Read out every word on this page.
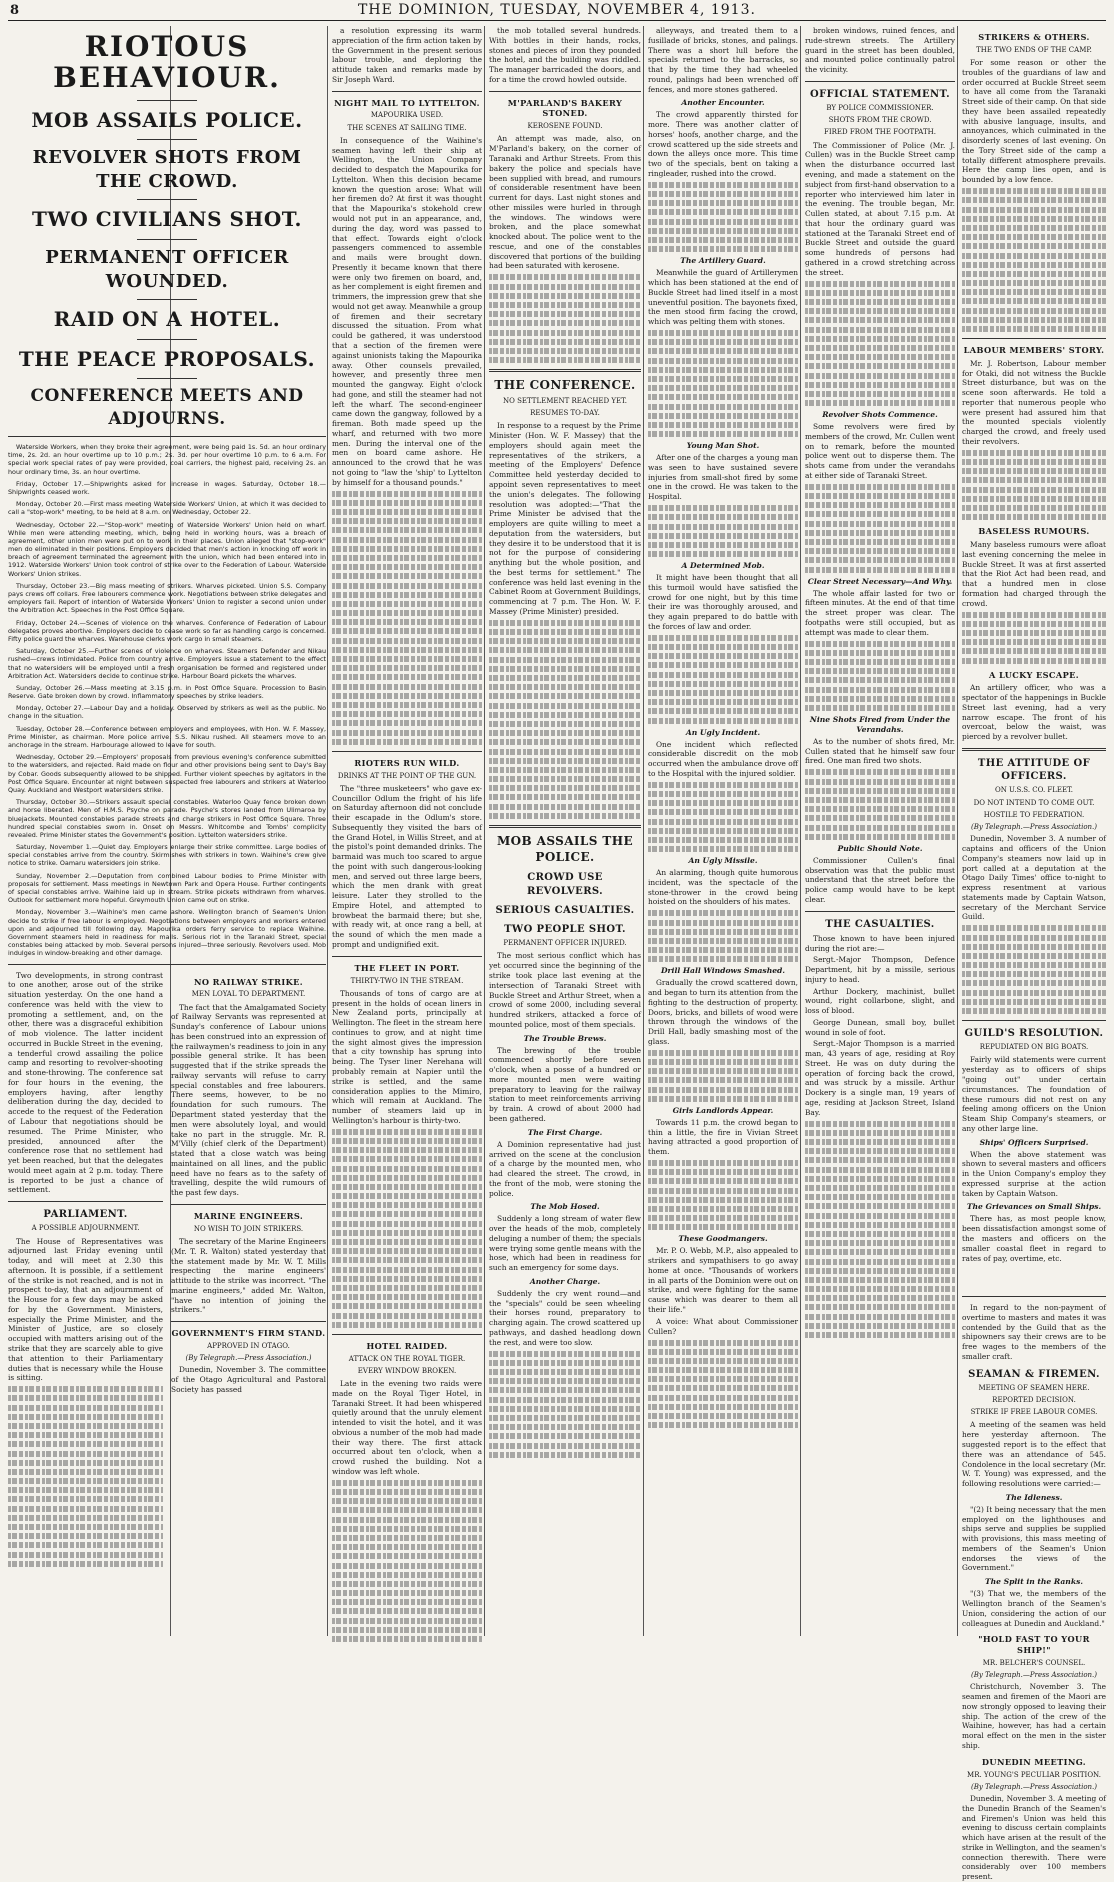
8	THE DOMINION, TUESDAY, NOVEMBER 4, 1913.
RIOTOUS BEHAVIOUR.
MOB ASSAILS POLICE.
REVOLVER SHOTS FROM THE CROWD.
TWO CIVILIANS SHOT.
PERMANENT OFFICER WOUNDED.
RAID ON A HOTEL.
THE PEACE PROPOSALS.
CONFERENCE MEETS AND ADJOURNS.

Waterside Workers, when they broke their agreement, were being paid 1s. 5d. an hour ordinary time, 2s. 2d. an hour overtime up to 10 p.m.; 2s. 3d. per hour overtime 10 p.m. to 6 a.m. For special work special rates of pay were provided, coal carriers, the highest paid, receiving 2s. an hour ordinary time, 3s. an hour overtime.

Friday, October 17.—Shipwrights asked for increase in wages. Saturday, October 18.—Shipwrights ceased work.

Monday, October 20.—First mass meeting Waterside Workers' Union, at which it was decided to call a "stop-work" meeting, to be held at 8 a.m. on Wednesday, October 22.

Wednesday, October 22.—"Stop-work" meeting of Waterside Workers' Union held on wharf. While men were attending meeting, which, being held in working hours, was a breach of agreement, other union men were put on to work in their places. Union alleged that "stop-work" men do eliminated in their positions. Employers decided that men's action in knocking off work in breach of agreement terminated the agreement with the union, which had been entered into in 1912. Waterside Workers' Union took control of strike over to the Federation of Labour. Waterside Workers' Union strikes.

Thursday, October 23.—Big mass meeting of strikers. Wharves picketed. Union S.S. Company pays crews off collars. Free labourers commence work. Negotiations between strike delegates and employers fail. Report of intention of Waterside Workers' Union to register a second union under the Arbitration Act. Speeches in the Post Office Square.

Friday, October 24.—Scenes of violence on the wharves. Conference of Federation of Labour delegates proves abortive. Employers decide to cease work so far as handling cargo is concerned. Fifty police guard the wharves. Warehouse clerks work cargo in small steamers.

Saturday, October 25.—Further scenes of violence on wharves. Steamers Defender and Nikau rushed—crews intimidated. Police from country arrive. Employers issue a statement to the effect that no watersiders will be employed until a fresh organisation be formed and registered under Arbitration Act. Watersiders decide to continue strike. Harbour Board pickets the wharves.

Sunday, October 26.—Mass meeting at 3.15 p.m. in Post Office Square. Procession to Basin Reserve. Gate broken down by crowd. Inflammatory speeches by strike leaders.

Monday, October 27.—Labour Day and a holiday. Observed by strikers as well as the public. No change in the situation.

Tuesday, October 28.—Conference between employers and employees, with Hon. W. F. Massey, Prime Minister, as chairman. More police arrive. S.S. Nikau rushed. All steamers move to an anchorage in the stream. Harbourage allowed to leave for south.

Wednesday, October 29.—Employers' proposals from previous evening's conference submitted to the watersiders, and rejected. Raid made on flour and other provisions being sent to Day's Bay by Cobar. Goods subsequently allowed to be shipped. Further violent speeches by agitators in the Post Office Square. Encounter at night between suspected free labourers and strikers at Waterloo Quay. Auckland and Westport watersiders strike.

Thursday, October 30.—Strikers assault special constables. Waterloo Quay fence broken down and horse liberated. Men of H.M.S. Psyche on parade. Psyche's stores landed from Ulimaroa by bluejackets. Mounted constables parade streets and charge strikers in Post Office Square. Three hundred special constables sworn in. Onset on Messrs. Whitcombe and Tombs' complicity revealed. Prime Minister states the Government's position. Lyttelton watersiders strike.

Saturday, November 1.—Quiet day. Employers enlarge their strike committee. Large bodies of special constables arrive from the country. Skirmishes with strikers in town. Waihine's crew give notice to strike. Oamaru watersiders join strike.

Sunday, November 2.—Deputation from combined Labour bodies to Prime Minister with proposals for settlement. Mass meetings in Newtown Park and Opera House. Further contingents of special constables arrive. Waihine laid up in stream. Strike pickets withdrawn from wharves. Outlook for settlement more hopeful. Greymouth Union came out on strike.

Monday, November 3.—Waihine's men came ashore. Wellington branch of Seamen's Union decide to strike if free labour is employed. Negotiations between employers and workers entered upon and adjourned till following day. Mapourika orders ferry service to replace Waihine. Government steamers held in readiness for mails. Serious riot in the Taranaki Street, special constables being attacked by mob. Several persons injured—three seriously. Revolvers used. Mob indulges in window-breaking and other damage.

Two developments, in strong contrast to one another, arose out of the strike situation yesterday. On the one hand a conference was held with the view to promoting a settlement, and, on the other, there was a disgraceful exhibition of mob violence. The latter incident occurred in Buckle Street in the evening, a tenderful crowd assailing the police camp and resorting to revolver-shooting and stone-throwing. The conference sat for four hours in the evening, the employers having, after lengthy deliberation during the day, decided to accede to the request of the Federation of Labour that negotiations should be resumed. The Prime Minister, who presided, announced after the conference rose that no settlement had yet been reached, but that the delegates would meet again at 2 p.m. today. There is reported to be just a chance of settlement.

PARLIAMENT.
A POSSIBLE ADJOURNMENT.

The House of Representatives was adjourned last Friday evening until today, and will meet at 2.30 this afternoon. It is possible, if a settlement of the strike is not reached, and is not in prospect to-day, that an adjournment of the House for a few days may be asked for by the Government. Ministers, especially the Prime Minister, and the Minister of Justice, are so closely occupied with matters arising out of the strike that they are scarcely able to give that attention to their Parliamentary duties that is necessary while the House is sitting.

NO RAILWAY STRIKE.
MEN LOYAL TO DEPARTMENT.

The fact that the Amalgamated Society of Railway Servants was represented at Sunday's conference of Labour unions has been construed into an expression of the railwaymen's readiness to join in any possible general strike. It has been suggested that if the strike spreads the railway servants will refuse to carry special constables and free labourers. There seems, however, to be no foundation for such rumours. The Department stated yesterday that the men were absolutely loyal, and would take no part in the struggle. Mr. R. M'Villy (chief clerk of the Department) stated that a close watch was being maintained on all lines, and the public need have no fears as to the safety of travelling, despite the wild rumours of the past few days.

MARINE ENGINEERS.
NO WISH TO JOIN STRIKERS.

The secretary of the Marine Engineers (Mr. T. R. Walton) stated yesterday that the statement made by Mr. W. T. Mills respecting the marine engineers' attitude to the strike was incorrect. "The marine engineers," added Mr. Walton, "have no intention of joining the strikers."

GOVERNMENT'S FIRM STAND.
APPROVED IN OTAGO.
(By Telegraph.—Press Association.)

Dunedin, November 3. The committee of the Otago Agricultural and Pastoral Society has passed

a resolution expressing its warm appreciation of the firm action taken by the Government in the present serious labour trouble, and deploring the attitude taken and remarks made by Sir Joseph Ward.

NIGHT MAIL TO LYTTELTON.
MAPOURIKA USED.
THE SCENES AT SAILING TIME.

In consequence of the Waihine's seamen having left their ship at Wellington, the Union Company decided to despatch the Mapourika for Lyttelton. When this decision became known the question arose: What will her firemen do? At first it was thought that the Mapourika's stokehold crew would not put in an appearance, and, during the day, word was passed to that effect. Towards eight o'clock passengers commenced to assemble and mails were brought down. Presently it became known that there were only two firemen on board, and, as her complement is eight firemen and trimmers, the impression grew that she would not get away. Meanwhile a group of firemen and their secretary discussed the situation. From what could be gathered, it was understood that a section of the firemen were against unionists taking the Mapourika away. Other counsels prevailed, however, and presently three men mounted the gangway. Eight o'clock had gone, and still the steamer had not left the wharf. The second-engineer came down the gangway, followed by a fireman. Both made speed up the wharf, and returned with two more men. During the interval one of the men on board came ashore. He announced to the crowd that he was not going to "law the 'ship' to Lyttelton by himself for a thousand pounds."

RIOTERS RUN WILD.
DRINKS AT THE POINT OF THE GUN.

The "three musketeers" who gave ex-Councillor Odlum the fright of his life on Saturday afternoon did not conclude their escapade in the Odlum's store. Subsequently they visited the bars of the Grand Hotel, in Willis Street, and at the pistol's point demanded drinks. The barmaid was much too scared to argue the point with such dangerous-looking men, and served out three large beers, which the men drank with great leisure. Later they strolled to the Empire Hotel, and attempted to browbeat the barmaid there; but she, with ready wit, at once rang a bell, at the sound of which the men made a prompt and undignified exit.

THE FLEET IN PORT.
THIRTY-TWO IN THE STREAM.

Thousands of tons of cargo are at present in the holds of ocean liners in New Zealand ports, principally at Wellington. The fleet in the stream here continues to grow, and at night time the sight almost gives the impression that a city township has sprung into being. The Tyser liner Nerehana will probably remain at Napier until the strike is settled, and the same consideration applies to the Mimiro, which will remain at Auckland. The number of steamers laid up in Wellington's harbour is thirty-two.

HOTEL RAIDED.
ATTACK ON THE ROYAL TIGER.
EVERY WINDOW BROKEN.

Late in the evening two raids were made on the Royal Tiger Hotel, in Taranaki Street. It had been whispered quietly around that the unruly element intended to visit the hotel, and it was obvious a number of the mob had made their way there. The first attack occurred about ten o'clock, when a crowd rushed the building. Not a window was left whole.

the mob totalled several hundreds. With bottles in their hands, rocks, stones and pieces of iron they pounded the hotel, and the building was riddled. The manager barricaded the doors, and for a time the crowd howled outside.

M'PARLAND'S BAKERY STONED.
KEROSENE FOUND.

An attempt was made, also, on M'Parland's bakery, on the corner of Taranaki and Arthur Streets. From this bakery the police and specials have been supplied with bread, and rumours of considerable resentment have been current for days. Last night stones and other missiles were hurled in through the windows. The windows were broken, and the place somewhat knocked about. The police went to the rescue, and one of the constables discovered that portions of the building had been saturated with kerosene.

THE CONFERENCE.
NO SETTLEMENT REACHED YET.
RESUMES TO-DAY.

In response to a request by the Prime Minister (Hon. W. F. Massey) that the employers should again meet the representatives of the strikers, a meeting of the Employers' Defence Committee held yesterday decided to appoint seven representatives to meet the union's delegates. The following resolution was adopted:—"That the Prime Minister be advised that the employers are quite willing to meet a deputation from the watersiders, but they desire it to be understood that it is not for the purpose of considering anything but the whole position, and the best terms for settlement." The conference was held last evening in the Cabinet Room at Government Buildings, commencing at 7 p.m. The Hon. W. F. Massey (Prime Minister) presided.

MOB ASSAILS THE POLICE.
CROWD USE REVOLVERS.
SERIOUS CASUALTIES.
TWO PEOPLE SHOT.
PERMANENT OFFICER INJURED.

The most serious conflict which has yet occurred since the beginning of the strike took place last evening at the intersection of Taranaki Street with Buckle Street and Arthur Street, when a crowd of some 2000, including several hundred strikers, attacked a force of mounted police, most of them specials.

The Trouble Brews.

The brewing of the trouble commenced shortly before seven o'clock, when a posse of a hundred or more mounted men were waiting preparatory to leaving for the railway station to meet reinforcements arriving by train. A crowd of about 2000 had been gathered.

The First Charge.

A Dominion representative had just arrived on the scene at the conclusion of a charge by the mounted men, who had cleared the street. The crowd, in the front of the mob, were stoning the police.

The Mob Hosed.

Suddenly a long stream of water flew over the heads of the mob, completely deluging a number of them; the specials were trying some gentle means with the hose, which had been in readiness for such an emergency for some days.

Another Charge.

Suddenly the cry went round—and the "specials" could be seen wheeling their horses round, preparatory to charging again. The crowd scattered up pathways, and dashed headlong down the rest, and were too slow.

alleyways, and treated them to a fusillade of bricks, stones, and palings. There was a short lull before the specials returned to the barracks, so that by the time they had wheeled round, palings had been wrenched off fences, and more stones gathered.

Another Encounter.

The crowd apparently thirsted for more. There was another clatter of horses' hoofs, another charge, and the crowd scattered up the side streets and down the alleys once more. This time two of the specials, bent on taking a ringleader, rushed into the crowd.

The Artillery Guard.

Meanwhile the guard of Artillerymen which has been stationed at the end of Buckle Street had lined itself in a most uneventful position. The bayonets fixed, the men stood firm facing the crowd, which was pelting them with stones.

Young Man Shot.

After one of the charges a young man was seen to have sustained severe injuries from small-shot fired by some one in the crowd. He was taken to the Hospital.

A Determined Mob.

It might have been thought that all this turmoil would have satisfied the crowd for one night, but by this time their ire was thoroughly aroused, and they again prepared to do battle with the forces of law and order.

An Ugly Incident.

One incident which reflected considerable discredit on the mob occurred when the ambulance drove off to the Hospital with the injured soldier.

An Ugly Missile.

An alarming, though quite humorous incident, was the spectacle of the stone-thrower in the crowd being hoisted on the shoulders of his mates.

Drill Hall Windows Smashed.

Gradually the crowd scattered down, and began to turn its attention from the fighting to the destruction of property. Doors, bricks, and billets of wood were thrown through the windows of the Drill Hall, badly smashing most of the glass.

Girls Landlords Appear.

Towards 11 p.m. the crowd began to thin a little, the fire in Vivian Street having attracted a good proportion of them.

These Goodmangers.

Mr. P. O. Webb, M.P., also appealed to strikers and sympathisers to go away home at once. "Thousands of workers in all parts of the Dominion were out on strike, and were fighting for the same cause which was dearer to them all their life."

A voice: What about Commissioner Cullen?

broken windows, ruined fences, and rude-strewn streets. The Artillery guard in the street has been doubled, and mounted police continually patrol the vicinity.

OFFICIAL STATEMENT.
BY POLICE COMMISSIONER.
SHOTS FROM THE CROWD.
FIRED FROM THE FOOTPATH.

The Commissioner of Police (Mr. J. Cullen) was in the Buckle Street camp when the disturbance occurred last evening, and made a statement on the subject from first-hand observation to a reporter who interviewed him later in the evening. The trouble began, Mr. Cullen stated, at about 7.15 p.m. At that hour the ordinary guard was stationed at the Taranaki Street end of Buckle Street and outside the guard some hundreds of persons had gathered in a crowd stretching across the street.

Revolver Shots Commence.

Some revolvers were fired by members of the crowd, Mr. Cullen went on to remark, before the mounted police went out to disperse them. The shots came from under the verandahs at either side of Taranaki Street.

Clear Street Necessary—And Why.

The whole affair lasted for two or fifteen minutes. At the end of that time the street proper was clear. The footpaths were still occupied, but as attempt was made to clear them.

Nine Shots Fired from Under the Verandahs.

As to the number of shots fired, Mr. Cullen stated that he himself saw four fired. One man fired two shots.

Public Should Note.

Commissioner Cullen's final observation was that the public must understand that the street before the police camp would have to be kept clear.

THE CASUALTIES.

Those known to have been injured during the riot are:—

Sergt.-Major Thompson, Defence Department, hit by a missile, serious injury to head.

Arthur Dockery, machinist, bullet wound, right collarbone, slight, and loss of blood.

George Dunean, small boy, bullet wound in sole of foot.

Sergt.-Major Thompson is a married man, 43 years of age, residing at Roy Street. He was on duty during the operation of forcing back the crowd, and was struck by a missile. Arthur Dockery is a single man, 19 years of age, residing at Jackson Street, Island Bay.

STRIKERS & OTHERS.
THE TWO ENDS OF THE CAMP.

For some reason or other the troubles of the guardians of law and order occurred at Buckle Street seem to have all come from the Taranaki Street side of their camp. On that side they have been assailed repeatedly with abusive language, insults, and annoyances, which culminated in the disorderly scenes of last evening. On the Tory Street side of the camp a totally different atmosphere prevails. Here the camp lies open, and is bounded by a low fence.

LABOUR MEMBERS' STORY.

Mr. J. Robertson, Labour member for Otaki, did not witness the Buckle Street disturbance, but was on the scene soon afterwards. He told a reporter that numerous people who were present had assured him that the mounted specials violently charged the crowd, and freely used their revolvers.

BASELESS RUMOURS.

Many baseless rumours were afloat last evening concerning the melee in Buckle Street. It was at first asserted that the Riot Act had been read, and that a hundred men in close formation had charged through the crowd.

A LUCKY ESCAPE.

An artillery officer, who was a spectator of the happenings in Buckle Street last evening, had a very narrow escape. The front of his overcoat, below the waist, was pierced by a revolver bullet.

THE ATTITUDE OF OFFICERS.
ON U.S.S. CO. FLEET.
DO NOT INTEND TO COME OUT.
HOSTILE TO FEDERATION.
(By Telegraph.—Press Association.)

Dunedin, November 3. A number of captains and officers of the Union Company's steamers now laid up in port called at a deputation at the Otago Daily Times' office to-night to express resentment at various statements made by Captain Watson, secretary of the Merchant Service Guild.

GUILD'S RESOLUTION.
REPUDIATED ON BIG BOATS.

Fairly wild statements were current yesterday as to officers of ships "going out" under certain circumstances. The foundation of these rumours did not rest on any feeling among officers on the Union Steam Ship Company's steamers, or any other large line.

Ships' Officers Surprised.

When the above statement was shown to several masters and officers in the Union Company's employ they expressed surprise at the action taken by Captain Watson.

The Grievances on Small Ships.

There has, as most people know, been dissatisfaction amongst some of the masters and officers on the smaller coastal fleet in regard to rates of pay, overtime, etc.

In regard to the non-payment of overtime to masters and mates it was contended by the Guild that as the shipowners say their crews are to be free wages to the members of the smaller craft.

SEAMAN & FIREMEN.
MEETING OF SEAMEN HERE.
REPORTED DECISION.
STRIKE IF FREE LABOUR COMES.

A meeting of the seamen was held here yesterday afternoon. The suggested report is to the effect that there was an attendance of 545. Condolence in the local secretary (Mr. W. T. Young) was expressed, and the following resolutions were carried:—

The Idleness.

"(2) It being necessary that the men employed on the lighthouses and ships serve and supplies be supplied with provisions, this mass meeting of members of the Seamen's Union endorses the views of the Government."

The Split in the Ranks.

"(3) That we, the members of the Wellington branch of the Seamen's Union, considering the action of our colleagues at Dunedin and Auckland."

"HOLD FAST TO YOUR SHIP!"
MR. BELCHER'S COUNSEL.
(By Telegraph.—Press Association.)

Christchurch, November 3. The seamen and firemen of the Maori are now strongly opposed to leaving their ship. The action of the crew of the Waihine, however, has had a certain moral effect on the men in the sister ship.

DUNEDIN MEETING.
MR. YOUNG'S PECULIAR POSITION.
(By Telegraph.—Press Association.)

Dunedin, November 3. A meeting of the Dunedin Branch of the Seamen's and Firemen's Union was held this evening to discuss certain complaints which have arisen at the result of the strike in Wellington, and the seamen's connection therewith. There were considerably over 100 members present.
